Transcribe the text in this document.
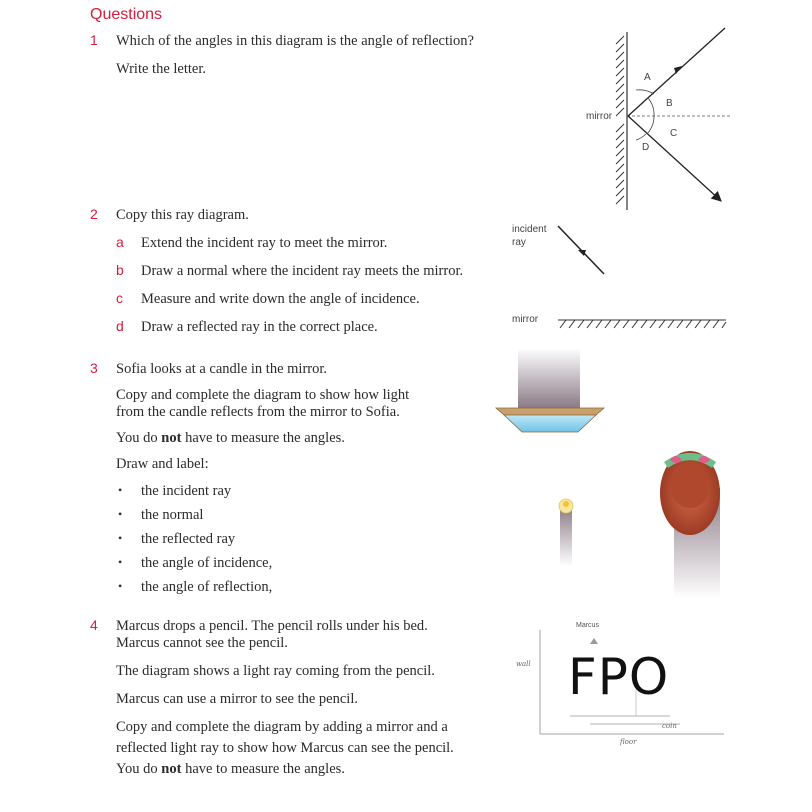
Questions
1 Which of the angles in this diagram is the angle of reflection?
Write the letter.
A
B
C
D
mirror
2 Copy this ray diagram.
a Extend the incident ray to meet the mirror.
b Draw a normal where the incident ray meets the mirror.
c Measure and write down the angle of incidence.
d Draw a reflected ray in the correct place.
incident
ray
mirror
3 Sofia looks at a candle in the mirror.
Copy and complete the diagram to show how light
from the candle reflects from the mirror to Sofia.
You do not have to measure the angles.
Draw and label:
• the incident ray
• the normal
• the reflected ray
• the angle of incidence,
• the angle of reflection,
4 Marcus drops a pencil. The pencil rolls under his bed.
Marcus cannot see the pencil.
The diagram shows a light ray coming from the pencil.
Marcus can use a mirror to see the pencil.
Copy and complete the diagram by adding a mirror and a
reflected light ray to show how Marcus can see the pencil.
You do not have to measure the angles.
Marcus
wall
coin
floor
FPO
